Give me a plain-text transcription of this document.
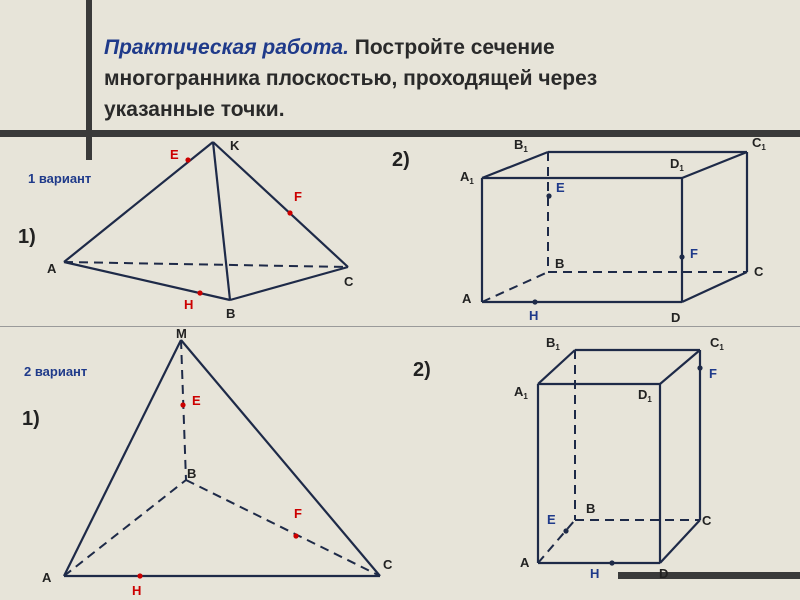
Практическая работа. Постройте сечение многогранника плоскостью, проходящей через указанные точки.

E
F
H
K
A
B
C
1 вариант
1)
2)
E
F
H
$B_1$	$C_1$
$A_1$
$D_1$
A
B
C
D
E
F
H
M
A
B
C
2 вариант
1)
2)
E
F
H
$B_1$	$C_1$
$A_1$	$D_1$
A
B
C
D
